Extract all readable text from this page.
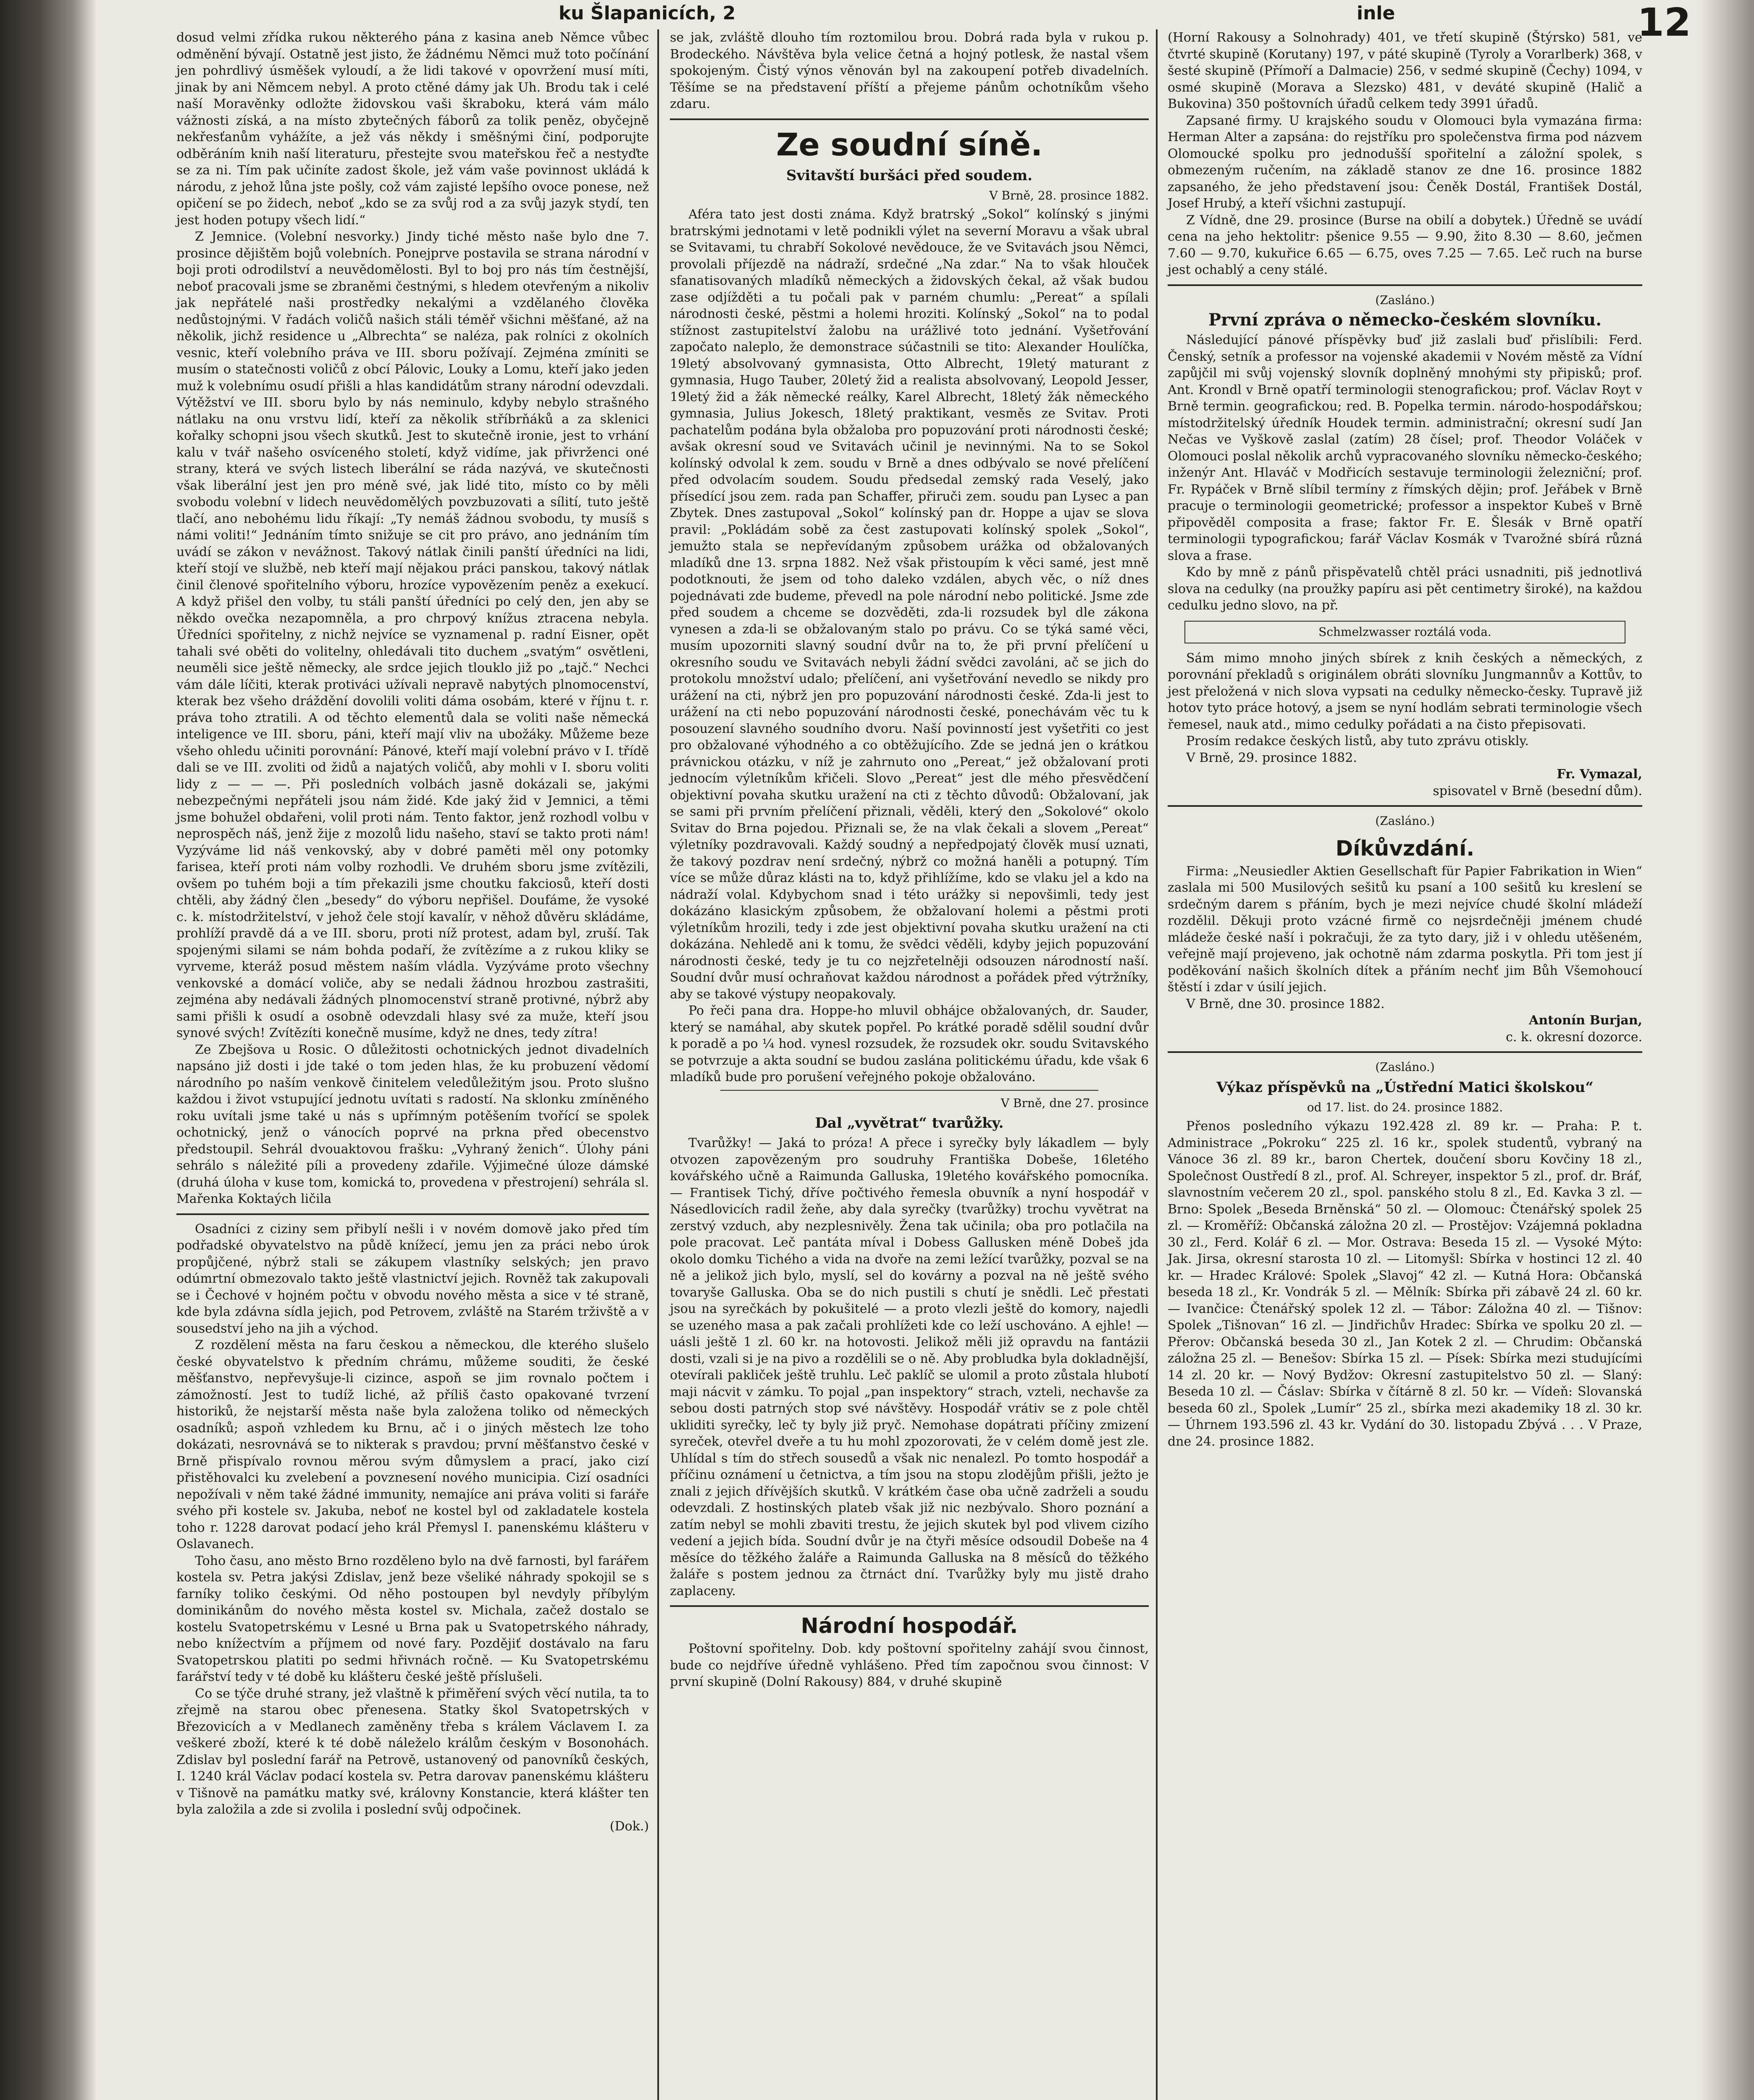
ku Šlapanicích, 2	inle	12

dosud velmi zřídka rukou některého pána z kasina aneb Němce vůbec odměnění bývají. Ostatně jest jisto, že žádnému Němci muž toto počínání jen pohrdlivý úsměšek vyloudí, a že lidi takové v opovržení musí míti, jinak by ani Němcem nebyl. A proto ctěné dámy jak Uh. Brodu tak i celé naší Moravěnky odložte židovskou vaši škraboku, která vám málo vážnosti získá, a na místo zbytečných fáborů za tolik peněz, obyčejně nekřesťanům vyhážíte, a jež vás někdy i směšnými činí, podporujte odběráním knih naší literaturu, přestejte svou mateřskou řeč a nestyďte se za ni. Tím pak učiníte zadost škole, jež vám vaše povinnost ukládá k národu, z jehož lůna jste pošly, což vám zajisté lepšího ovoce ponese, než opičení se po židech, neboť „kdo se za svůj rod a za svůj jazyk stydí, ten jest hoden potupy všech lidí.“

Z Jemnice. (Volební nesvorky.) Jindy tiché město naše bylo dne 7. prosince dějištěm bojů volebních. Ponejprve postavila se strana národní v boji proti odrodilství a neuvědomělosti. Byl to boj pro nás tím čestnější, neboť pracovali jsme se zbraněmi čestnými, s hledem otevřeným a nikoliv jak nepřátelé naši prostředky nekalými a vzdělaného člověka nedůstojnými. V řadách voličů našich stáli téměř všichni měšťané, až na několik, jichž residence u „Albrechta“ se naléza, pak rolníci z okolních vesnic, kteří volebního práva ve III. sboru požívají. Zejména zmíniti se musím o statečnosti voličů z obcí Pálovic, Louky a Lomu, kteří jako jeden muž k volebnímu osudí přišli a hlas kandidátům strany národní odevzdali. Výtěžství ve III. sboru bylo by nás neminulo, kdyby nebylo strašného nátlaku na onu vrstvu lidí, kteří za několik stříbrňáků a za sklenici kořalky schopni jsou všech skutků. Jest to skutečně ironie, jest to vrhání kalu v tvář našeho osvíceného století, když vidíme, jak přivrženci oné strany, která ve svých listech liberální se ráda nazývá, ve skutečnosti však liberální jest jen pro méně své, jak lidé tito, místo co by měli svobodu volební v lidech neuvědomělých povzbuzovati a sílití, tuto ještě tlačí, ano nebohému lidu říkají: „Ty nemáš žádnou svobodu, ty musíš s námi voliti!“ Jednáním tímto snižuje se cit pro právo, ano jednáním tím uvádí se zákon v nevážnost. Takový nátlak činili panští úředníci na lidi, kteří stojí ve službě, neb kteří mají nějakou práci panskou, takový nátlak činil členové spořitelního výboru, hrozíce vypovězením peněz a exekucí. A když přišel den volby, tu stáli panští úředníci po celý den, jen aby se někdo ovečka nezapomněla, a pro chrpový knížus ztracena nebyla. Úředníci spořitelny, z nichž nejvíce se vyznamenal p. radní Eisner, opět tahali své oběti do volitelny, ohledávali tito duchem „svatým“ osvětleni, neuměli sice ještě německy, ale srdce jejich tlouklo již po „tajč.“ Nechci vám dále líčiti, kterak protiváci užívali nepravě nabytých plnomocenství, kterak bez všeho dráždění dovolili voliti dáma osobám, které v říjnu t. r. práva toho ztratili. A od těchto elementů dala se voliti naše německá inteligence ve III. sboru, páni, kteří mají vliv na ubožáky. Můžeme beze všeho ohledu učiniti porovnání: Pánové, kteří mají volební právo v I. třídě dali se ve III. zvoliti od židů a najatých voličů, aby mohli v I. sboru voliti lidy z — — —. Při posledních volbách jasně dokázali se, jakými nebezpečnými nepřáteli jsou nám židé. Kde jaký žid v Jemnici, a těmi jsme bohužel obdařeni, volil proti nám. Tento faktor, jenž rozhodl volbu v neprospěch náš, jenž žije z mozolů lidu našeho, staví se takto proti nám! Vyzýváme lid náš venkovský, aby v dobré paměti měl ony potomky farisea, kteří proti nám volby rozhodli. Ve druhém sboru jsme zvítězili, ovšem po tuhém boji a tím překazili jsme choutku fakciosů, kteří dosti chtěli, aby žádný člen „besedy“ do výboru nepřišel. Doufáme, že vysoké c. k. místodržitelství, v jehož čele stojí kavalír, v něhož důvěru skládáme, prohlíží pravdě dá a ve III. sboru, proti níž protest, adam byl, zruší. Tak spojenými silami se nám bohda podaří, že zvítězíme a z rukou kliky se vyrveme, kteráž posud městem naším vládla. Vyzýváme proto všechny venkovské a domácí voliče, aby se nedali žádnou hrozbou zastrašiti, zejména aby nedávali žádných plnomocenství straně protivné, nýbrž aby sami přišli k osudí a osobně odevzdali hlasy své za muže, kteří jsou synové svých! Zvítězíti konečně musíme, když ne dnes, tedy zítra!

Ze Zbejšova u Rosic. O důležitosti ochotnických jednot divadelních napsáno již dosti i jde také o tom jeden hlas, že ku probuzení vědomí národního po naším venkově činitelem veledůležitým jsou. Proto slušno každou i život vstupující jednotu uvítati s radostí. Na sklonku zmíněného roku uvítali jsme také u nás s upřímným potěšením tvořící se spolek ochotnický, jenž o vánocích poprvé na prkna před obecenstvo předstoupil. Sehrál dvouaktovou frašku: „Vyhraný ženich“. Úlohy páni sehrálo s náležité píli a provedeny zdařile. Výjimečné úloze dámské (druhá úloha v kuse tom, komická to, provedena v přestrojení) sehrála sl. Mařenka Koktaých ličila

Osadníci z ciziny sem přibylí nešli i v novém domově jako před tím podřadské obyvatelstvo na půdě knížecí, jemu jen za práci nebo úrok propůjčené, nýbrž stali se zákupem vlastníky selských; jen pravo odúmrtní obmezovalo takto ještě vlastnictví jejich. Rovněž tak zakupovali se i Čechové v hojném počtu v obvodu nového města a sice v té straně, kde byla zdávna sídla jejich, pod Petrovem, zvláště na Starém trživště a v sousedství jeho na jih a východ.

Z rozdělení města na faru českou a německou, dle kterého slušelo české obyvatelstvo k předním chrámu, můžeme souditi, že české měšťanstvo, nepřevyšuje-li cizince, aspoň se jim rovnalo počtem i zámožností. Jest to tudíž liché, až příliš často opakované tvrzení historiků, že nejstarší města naše byla založena toliko od německých osadníků; aspoň vzhledem ku Brnu, ač i o jiných městech lze toho dokázati, nesrovnává se to nikterak s pravdou; první měšťanstvo české v Brně přispívalo rovnou měrou svým důmyslem a prací, jako cizí přistěhovalci ku zvelebení a povznesení nového municipia. Cizí osadníci nepožívali v něm také žádné immunity, nemajíce ani práva voliti si faráře svého při kostele sv. Jakuba, neboť ne kostel byl od zakladatele kostela toho r. 1228 darovat podací jeho král Přemysl I. panenskému klášteru v Oslavanech.

Toho času, ano město Brno rozděleno bylo na dvě farnosti, byl farářem kostela sv. Petra jakýsi Zdislav, jenž beze všeliké náhrady spokojil se s farníky toliko českými. Od něho postoupen byl nevdyly příbylým dominikánům do nového města kostel sv. Michala, začež dostalo se kostelu Svatopetrskému v Lesné u Brna pak u Svatopetrského náhrady, nebo knížectvím a příjmem od nové fary. Pozdějiť dostávalo na faru Svatopetrskou platiti po sedmi hřivnách ročně. — Ku Svatopetrskému farářství tedy v té době ku klášteru české ještě příslušeli.

Co se týče druhé strany, jež vlaštně k přiměření svých věcí nutila, ta to zřejmě na starou obec přenesena. Statky škol Svatopetrských v Březovicích a v Medlanech zaměněny třeba s králem Václavem I. za veškeré zboží, které k té době náleželo králům českým v Bosonohách. Zdislav byl poslední farář na Petrově, ustanovený od panovníků českých, I. 1240 král Václav podací kostela sv. Petra darovav panenskému klášteru v Tišnově na památku matky své, královny Konstancie, která klášter ten byla založila a zde si zvolila i poslední svůj odpočinek.

(Dok.)

se jak, zvláště dlouho tím roztomilou brou. Dobrá rada byla v rukou p. Brodeckého. Návštěva byla velice četná a hojný potlesk, že nastal všem spokojeným. Čistý výnos věnován byl na zakoupení potřeb divadelních. Těšíme se na představení příští a přejeme pánům ochotníkům všeho zdaru.

Ze soudní síně.
Svitavští buršáci před soudem.
V Brně, 28. prosince 1882.

Aféra tato jest dosti známa. Když bratrský „Sokol“ kolínský s jinými bratrskými jednotami v letě podnikli výlet na severní Moravu a však ubral se Svitavami, tu chrabří Sokolové nevědouce, že ve Svitavách jsou Němci, provolali příjezdě na nádraží, srdečné „Na zdar.“ Na to však hlouček sfanatisovaných mladíků německých a židovských čekal, až však budou zase odjížděti a tu počali pak v parném chumlu: „Pereat“ a spílali národnosti české, pěstmi a holemi hroziti. Kolínský „Sokol“ na to podal stížnost zastupitelství žalobu na urážlivé toto jednání. Vyšetřování započato naleplo, že demonstrace súčastnili se tito: Alexander Houlíčka, 19letý absolvovaný gymnasista, Otto Albrecht, 19letý maturant z gymnasia, Hugo Tauber, 20letý žid a realista absolvovaný, Leopold Jesser, 19letý žid a žák německé reálky, Karel Albrecht, 18letý žák německého gymnasia, Julius Jokesch, 18letý praktikant, vesměs ze Svitav. Proti pachatelům podána byla obžaloba pro popuzování proti národnosti české; avšak okresní soud ve Svitavách učinil je nevinnými. Na to se Sokol kolínský odvolal k zem. soudu v Brně a dnes odbývalo se nové přelíčení před odvolacím soudem. Soudu předsedal zemský rada Veselý, jako přísedící jsou zem. rada pan Schaffer, přiruči zem. soudu pan Lysec a pan Zbytek. Dnes zastupoval „Sokol“ kolínský pan dr. Hoppe a ujav se slova pravil: „Pokládám sobě za čest zastupovati kolínský spolek „Sokol“, jemužto stala se nepřevídaným způsobem urážka od obžalovaných mladíků dne 13. srpna 1882. Než však přistoupím k věci samé, jest mně podotknouti, že jsem od toho daleko vzdálen, abych věc, o níž dnes pojednávati zde budeme, převedl na pole národní nebo politické. Jsme zde před soudem a chceme se dozvěděti, zda-li rozsudek byl dle zákona vynesen a zda-li se obžalovaným stalo po právu. Co se týká samé věci, musím upozorniti slavný soudní dvůr na to, že při první přelíčení u okresního soudu ve Svitavách nebyli žádní svědci zavoláni, ač se jich do protokolu množství udalo; přelíčení, ani vyšetřování nevedlo se nikdy pro urážení na cti, nýbrž jen pro popuzování národnosti české. Zda-li jest to urážení na cti nebo popuzování národnosti české, ponechávám věc tu k posouzení slavného soudního dvoru. Naší povinností jest vyšetřiti co jest pro obžalované výhodného a co obtěžujícího. Zde se jedná jen o krátkou právnickou otázku, v níž je zahrnuto ono „Pereat,“ jež obžalovaní proti jednocím výletníkům křičeli. Slovo „Pereat“ jest dle mého přesvědčení objektivní povaha skutku uražení na cti z těchto důvodů: Obžalovaní, jak se sami při prvním přelíčení přiznali, věděli, který den „Sokolové“ okolo Svitav do Brna pojedou. Přiznali se, že na vlak čekali a slovem „Pereat“ výletníky pozdravovali. Každý soudný a nepředpojatý člověk musí uznati, že takový pozdrav není srdečný, nýbrž co možná haněli a potupný. Tím více se může důraz klásti na to, když přihlížíme, kdo se vlaku jel a kdo na nádraží volal. Kdybychom snad i této urážky si nepovšimli, tedy jest dokázáno klasickým způsobem, že obžalovaní holemi a pěstmi proti výletníkům hrozili, tedy i zde jest objektivní povaha skutku uražení na cti dokázána. Nehledě ani k tomu, že svědci věděli, kdyby jejich popuzování národnosti české, tedy je tu co nejzřetelněji odsouzen národností naší. Soudní dvůr musí ochraňovat každou národnost a pořádek před výtržníky, aby se takové výstupy neopakovaly.

Po řeči pana dra. Hoppe-ho mluvil obhájce obžalovaných, dr. Sauder, který se namáhal, aby skutek popřel. Po krátké poradě sdělil soudní dvůr k poradě a po ¼ hod. vynesl rozsudek, že rozsudek okr. soudu Svitavského se potvrzuje a akta soudní se budou zaslána politickému úřadu, kde však 6 mladíků bude pro porušení veřejného pokoje obžalováno.

V Brně, dne 27. prosince
Dal „vyvětrat“ tvarůžky.

Tvarůžky! — Jaká to próza! A přece i syrečky byly lákadlem — byly otvozen zapovězeným pro soudruhy Františka Dobeše, 16letého kovářského učně a Raimunda Galluska, 19letého kovářského pomocníka. — Frantisek Tichý, dříve počtivého řemesla obuvník a nyní hospodář v Násedlovicích radil žeňe, aby dala syrečky (tvarůžky) trochu vyvětrat na zerstvý vzduch, aby nezplesnivěly. Žena tak učinila; oba pro potlačila na pole pracovat. Leč pantáta míval i Dobess Gallusken méně Dobeš jda okolo domku Tichého a vida na dvoře na zemi ležící tvarůžky, pozval se na ně a jelikož jich bylo, myslí, sel do kovárny a pozval na ně ještě svého tovaryše Galluska. Oba se do nich pustili s chutí je snědli. Leč přestati jsou na syrečkách by pokušitelé — a proto vlezli ještě do komory, najedli se uzeného masa a pak začali prohlížeti kde co leží uschováno. A ejhle! — uásli ještě 1 zl. 60 kr. na hotovosti. Jelikož měli již opravdu na fantázii dosti, vzali si je na pivo a rozdělili se o ně. Aby probludka byla dokladnější, otevírali pakliček ještě truhlu. Leč paklíč se ulomil a proto zůstala hlubotí maji nácvit v zámku. To pojal „pan inspektory“ strach, vzteli, nechavše za sebou dosti patrných stop své návštěvy. Hospodář vrátiv se z pole chtěl ukliditi syrečky, leč ty byly již pryč. Nemohase dopátrati příčiny zmizení syreček, otevřel dveře a tu hu mohl zpozorovati, že v celém domě jest zle. Uhlídal s tím do střech sousedů a však nic nenalezl. Po tomto hospodář a příčinu oznámení u četnictva, a tím jsou na stopu zlodějům přišli, ježto je znali z jejich dřívějších skutků. V krátkém čase oba učně zadrželi a soudu odevzdali. Z hostinských plateb však již nic nezbývalo. Shoro poznání a zatím nebyl se mohli zbaviti trestu, že jejich skutek byl pod vlivem cizího vedení a jejich bída. Soudní dvůr je na čtyři měsíce odsoudil Dobeše na 4 měsíce do těžkého žaláře a Raimunda Galluska na 8 měsíců do těžkého žaláře s postem jednou za čtrnáct dní. Tvarůžky byly mu jistě draho zaplaceny.

Národní hospodář.

Poštovní spořitelny. Dob. kdy poštovní spořitelny zahájí svou činnost, bude co nejdříve úředně vyhlášeno. Před tím započnou svou činnost: V první skupině (Dolní Rakousy) 884, v druhé skupině

(Horní Rakousy a Solnohrady) 401, ve třetí skupině (Štýrsko) 581, ve čtvrté skupině (Korutany) 197, v páté skupině (Tyroly a Vorarlberk) 368, v šesté skupině (Přímoří a Dalmacie) 256, v sedmé skupině (Čechy) 1094, v osmé skupině (Morava a Slezsko) 481, v deváté skupině (Halič a Bukovina) 350 poštovních úřadů celkem tedy 3991 úřadů.

Zapsané firmy. U krajského soudu v Olomouci byla vymazána firma: Herman Alter a zapsána: do rejstříku pro společenstva firma pod názvem Olomoucké spolku pro jednodušší spořitelní a záložní spolek, s obmezeným ručením, na základě stanov ze dne 16. prosince 1882 zapsaného, že jeho představení jsou: Čeněk Dostál, František Dostál, Josef Hrubý, a kteří všichni zastupují.

Z Vídně, dne 29. prosince (Burse na obilí a dobytek.) Úředně se uvádí cena na jeho hektolitr: pšenice 9.55 — 9.90, žito 8.30 — 8.60, ječmen 7.60 — 9.70, kukuřice 6.65 — 6.75, oves 7.25 — 7.65. Leč ruch na burse jest ochablý a ceny stálé.

(Zasláno.)
První zpráva o německo-českém slovníku.

Následující pánové příspěvky buď již zaslali buď přislíbili: Ferd. Čenský, setník a professor na vojenské akademii v Novém městě za Vídní zapůjčil mi svůj vojenský slovník doplněný mnohými sty připisků; prof. Ant. Krondl v Brně opatří terminologii stenografickou; prof. Václav Royt v Brně termin. geografickou; red. B. Popelka termin. národo-hospodářskou; místodržitelský úředník Houdek termin. administrační; okresní sudí Jan Nečas ve Vyškově zaslal (zatím) 28 čísel; prof. Theodor Voláček v Olomouci poslal několik archů vypracovaného slovníku německo-českého; inženýr Ant. Hlaváč v Modřicích sestavuje terminologii železniční; prof. Fr. Rypáček v Brně slíbil termíny z římských dějin; prof. Jeřábek v Brně pracuje o terminologii geometrické; professor a inspektor Kubeš v Brně připověděl composita a frase; faktor Fr. E. Šlesák v Brně opatří terminologii typografickou; farář Václav Kosmák v Tvarožné sbírá různá slova a frase.

Kdo by mně z pánů přispěvatelů chtěl práci usnadniti, piš jednotlivá slova na cedulky (na proužky papíru asi pět centimetry široké), na každou cedulku jedno slovo, na př.

Schmelzwasser roztálá voda.

Sám mimo mnoho jiných sbírek z knih českých a německých, z porovnání překladů s originálem obráti slovníku Jungmannův a Kottův, to jest přeložená v nich slova vypsati na cedulky německo-česky. Tupravě již hotov tyto práce hotový, a jsem se nyní hodlám sebrati terminologie všech řemesel, nauk atd., mimo cedulky pořádati a na čisto přepisovati.

Prosím redakce českých listů, aby tuto zprávu otiskly.

V Brně, 29. prosince 1882.

Fr. Vymazal,
spisovatel v Brně (besední dům).
(Zasláno.)
Díkůvzdání.

Firma: „Neusiedler Aktien Gesellschaft für Papier Fabrikation in Wien“ zaslala mi 500 Musilových sešitů ku psaní a 100 sešitů ku kreslení se srdečným darem s přáním, bych je mezi nejvíce chudé školní mládeží rozdělil. Děkuji proto vzácné firmě co nejsrdečněji jménem chudé mládeže české naší i pokračuji, že za tyto dary, již i v ohledu utěšeném, veřejně mají projeveno, jak ochotně nám zdarma poskytla. Při tom jest jí poděkování našich školních dítek a přáním nechť jim Bůh Všemohoucí štěstí i zdar v úsilí jejich.

V Brně, dne 30. prosince 1882.

Antonín Burjan,
c. k. okresní dozorce.
(Zasláno.)
Výkaz příspěvků na „Ústřední Matici školskou“
od 17. list. do 24. prosince 1882.

Přenos posledního výkazu 192.428 zl. 89 kr. — Praha: P. t. Administrace „Pokroku“ 225 zl. 16 kr., spolek studentů, vybraný na Vánoce 36 zl. 89 kr., baron Chertek, doučení sboru Kovčiny 18 zl., Společnost Oustředí 8 zl., prof. Al. Schreyer, inspektor 5 zl., prof. dr. Bráf, slavnostním večerem 20 zl., spol. panského stolu 8 zl., Ed. Kavka 3 zl. — Brno: Spolek „Beseda Brněnská“ 50 zl. — Olomouc: Čtenářský spolek 25 zl. — Kroměříž: Občanská záložna 20 zl. — Prostějov: Vzájemná pokladna 30 zl., Ferd. Kolář 6 zl. — Mor. Ostrava: Beseda 15 zl. — Vysoké Mýto: Jak. Jirsa, okresní starosta 10 zl. — Litomyšl: Sbírka v hostinci 12 zl. 40 kr. — Hradec Králové: Spolek „Slavoj“ 42 zl. — Kutná Hora: Občanská beseda 18 zl., Kr. Vondrák 5 zl. — Mělník: Sbírka při zábavě 24 zl. 60 kr. — Ivančice: Čtenářský spolek 12 zl. — Tábor: Záložna 40 zl. — Tišnov: Spolek „Tišnovan“ 16 zl. — Jindřichův Hradec: Sbírka ve spolku 20 zl. — Přerov: Občanská beseda 30 zl., Jan Kotek 2 zl. — Chrudim: Občanská záložna 25 zl. — Benešov: Sbírka 15 zl. — Písek: Sbírka mezi studujícími 14 zl. 20 kr. — Nový Bydžov: Okresní zastupitelstvo 50 zl. — Slaný: Beseda 10 zl. — Čáslav: Sbírka v čítárně 8 zl. 50 kr. — Vídeň: Slovanská beseda 60 zl., Spolek „Lumír“ 25 zl., sbírka mezi akademiky 18 zl. 30 kr. — Úhrnem 193.596 zl. 43 kr. Vydání do 30. listopadu Zbývá . . . V Praze, dne 24. prosince 1882.
